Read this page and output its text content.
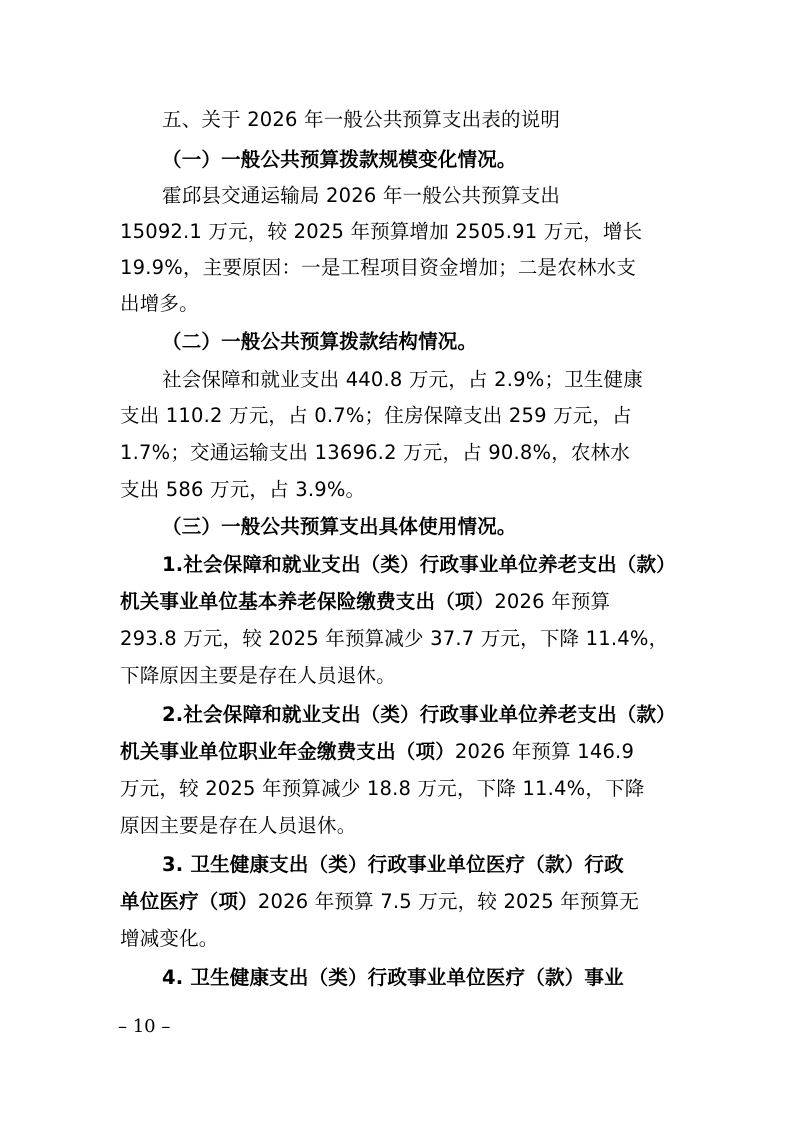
五、关于 2026 年一般公共预算支出表的说明
（一）一般公共预算拨款规模变化情况。
霍邱县交通运输局 2026 年一般公共预算支出
15092.1 万元，较 2025 年预算增加 2505.91 万元，增长
19.9%，主要原因：一是工程项目资金增加；二是农林水支
出增多。
（二）一般公共预算拨款结构情况。
社会保障和就业支出 440.8 万元，占 2.9%；卫生健康
支出 110.2 万元，占 0.7%；住房保障支出 259 万元，占
1.7%；交通运输支出 13696.2 万元，占 90.8%，农林水
支出 586 万元，占 3.9%。
（三）一般公共预算支出具体使用情况。
1.社会保障和就业支出（类）行政事业单位养老支出（款）
机关事业单位基本养老保险缴费支出（项）2026 年预算
293.8 万元，较 2025 年预算减少 37.7 万元，下降 11.4%，
下降原因主要是存在人员退休。
2.社会保障和就业支出（类）行政事业单位养老支出（款）
机关事业单位职业年金缴费支出（项）2026 年预算 146.9
万元，较 2025 年预算减少 18.8 万元，下降 11.4%，下降
原因主要是存在人员退休。
3. 卫生健康支出（类）行政事业单位医疗（款）行政
单位医疗（项）2026 年预算 7.5 万元，较 2025 年预算无
增减变化。
4. 卫生健康支出（类）行政事业单位医疗（款）事业
– 10 –
